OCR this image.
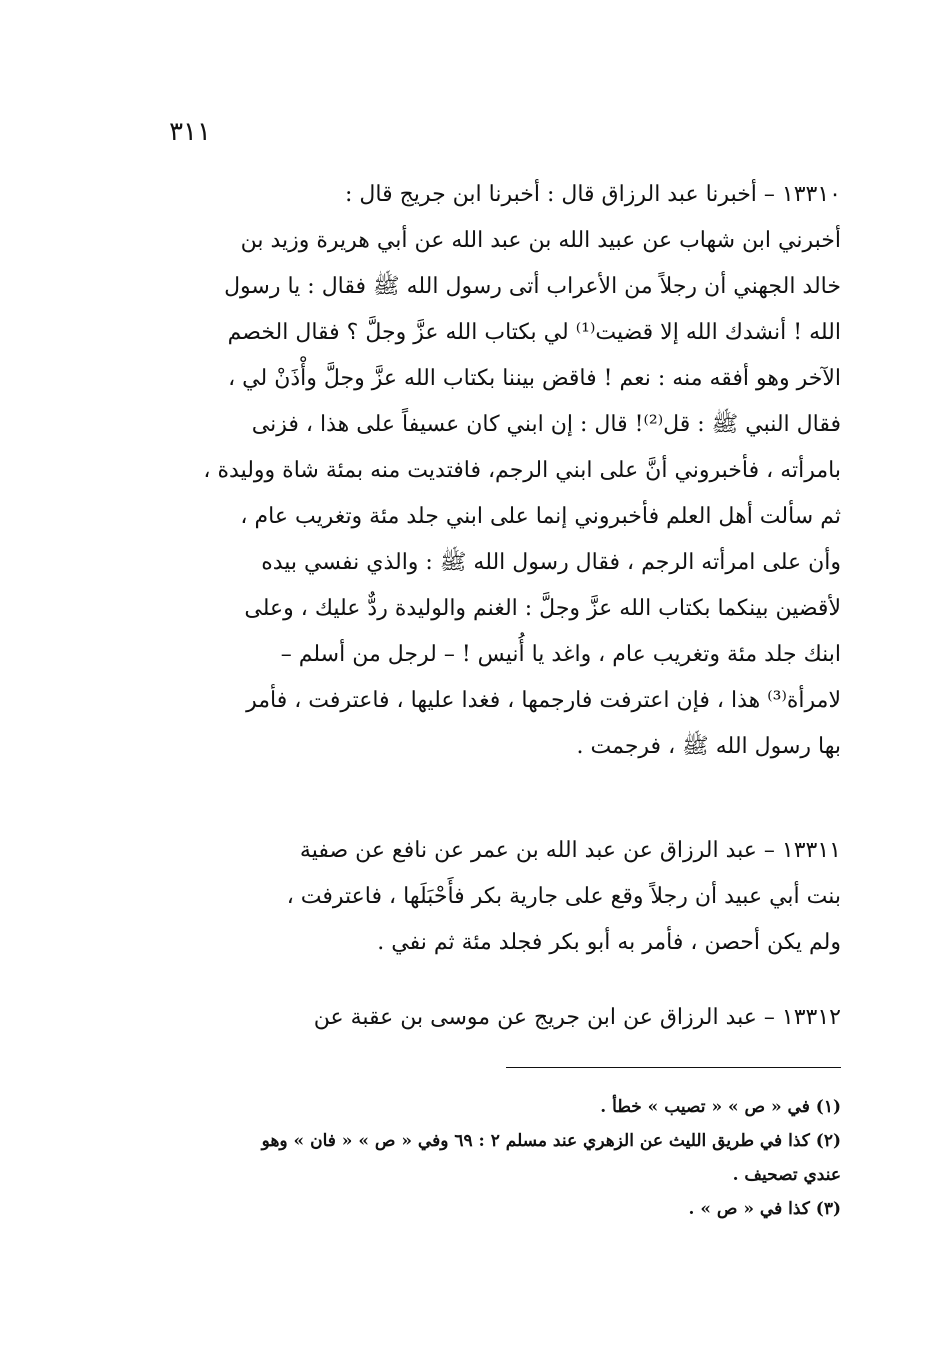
٣١١
١٣٣١٠ – أخبرنا عبد الرزاق قال : أخبرنا ابن جريج قال :
أخبرني ابن شهاب عن عبيد الله بن عبد الله عن أبي هريرة وزيد بن
خالد الجهني أن رجلاً من الأعراب أتى رسول الله ﷺ فقال : يا رسول
الله ! أنشدك الله إلا قضيت⁽¹⁾ لي بكتاب الله عزَّ وجلَّ ؟ فقال الخصم
الآخر وهو أفقه منه : نعم ! فاقض بيننا بكتاب الله عزَّ وجلَّ وأْذَنْ لي ،
فقال النبي ﷺ : قل⁽²⁾! قال : إن ابني كان عسيفاً على هذا ، فزنى
بامرأته ، فأخبروني أنَّ على ابني الرجم، فافتديت منه بمئة شاة ووليدة ،
ثم سألت أهل العلم فأخبروني إنما على ابني جلد مئة وتغريب عام ،
وأن على امرأته الرجم ، فقال رسول الله ﷺ : والذي نفسي بيده
لأقضين بينكما بكتاب الله عزَّ وجلَّ : الغنم والوليدة ردٌّ عليك ، وعلى
ابنك جلد مئة وتغريب عام ، واغد يا أُنيس ! – لرجل من أسلم –
لامرأة⁽³⁾ هذا ، فإن اعترفت فارجمها ، فغدا عليها ، فاعترفت ، فأمر
بها رسول الله ﷺ ، فرجمت .
١٣٣١١ – عبد الرزاق عن عبد الله بن عمر عن نافع عن صفية
بنت أبي عبيد أن رجلاً وقع على جارية بكر فأَحْبَلَها ، فاعترفت ،
ولم يكن أحصن ، فأمر به أبو بكر فجلد مئة ثم نفي .
١٣٣١٢ – عبد الرزاق عن ابن جريج عن موسى بن عقبة عن
(١) في « ص » « تصيب » خطأ .
(٢) كذا في طريق الليث عن الزهري عند مسلم ٢ : ٦٩ وفي « ص » « فان » وهو
عندي تصحيف .
(٣) كذا في « ص » .
